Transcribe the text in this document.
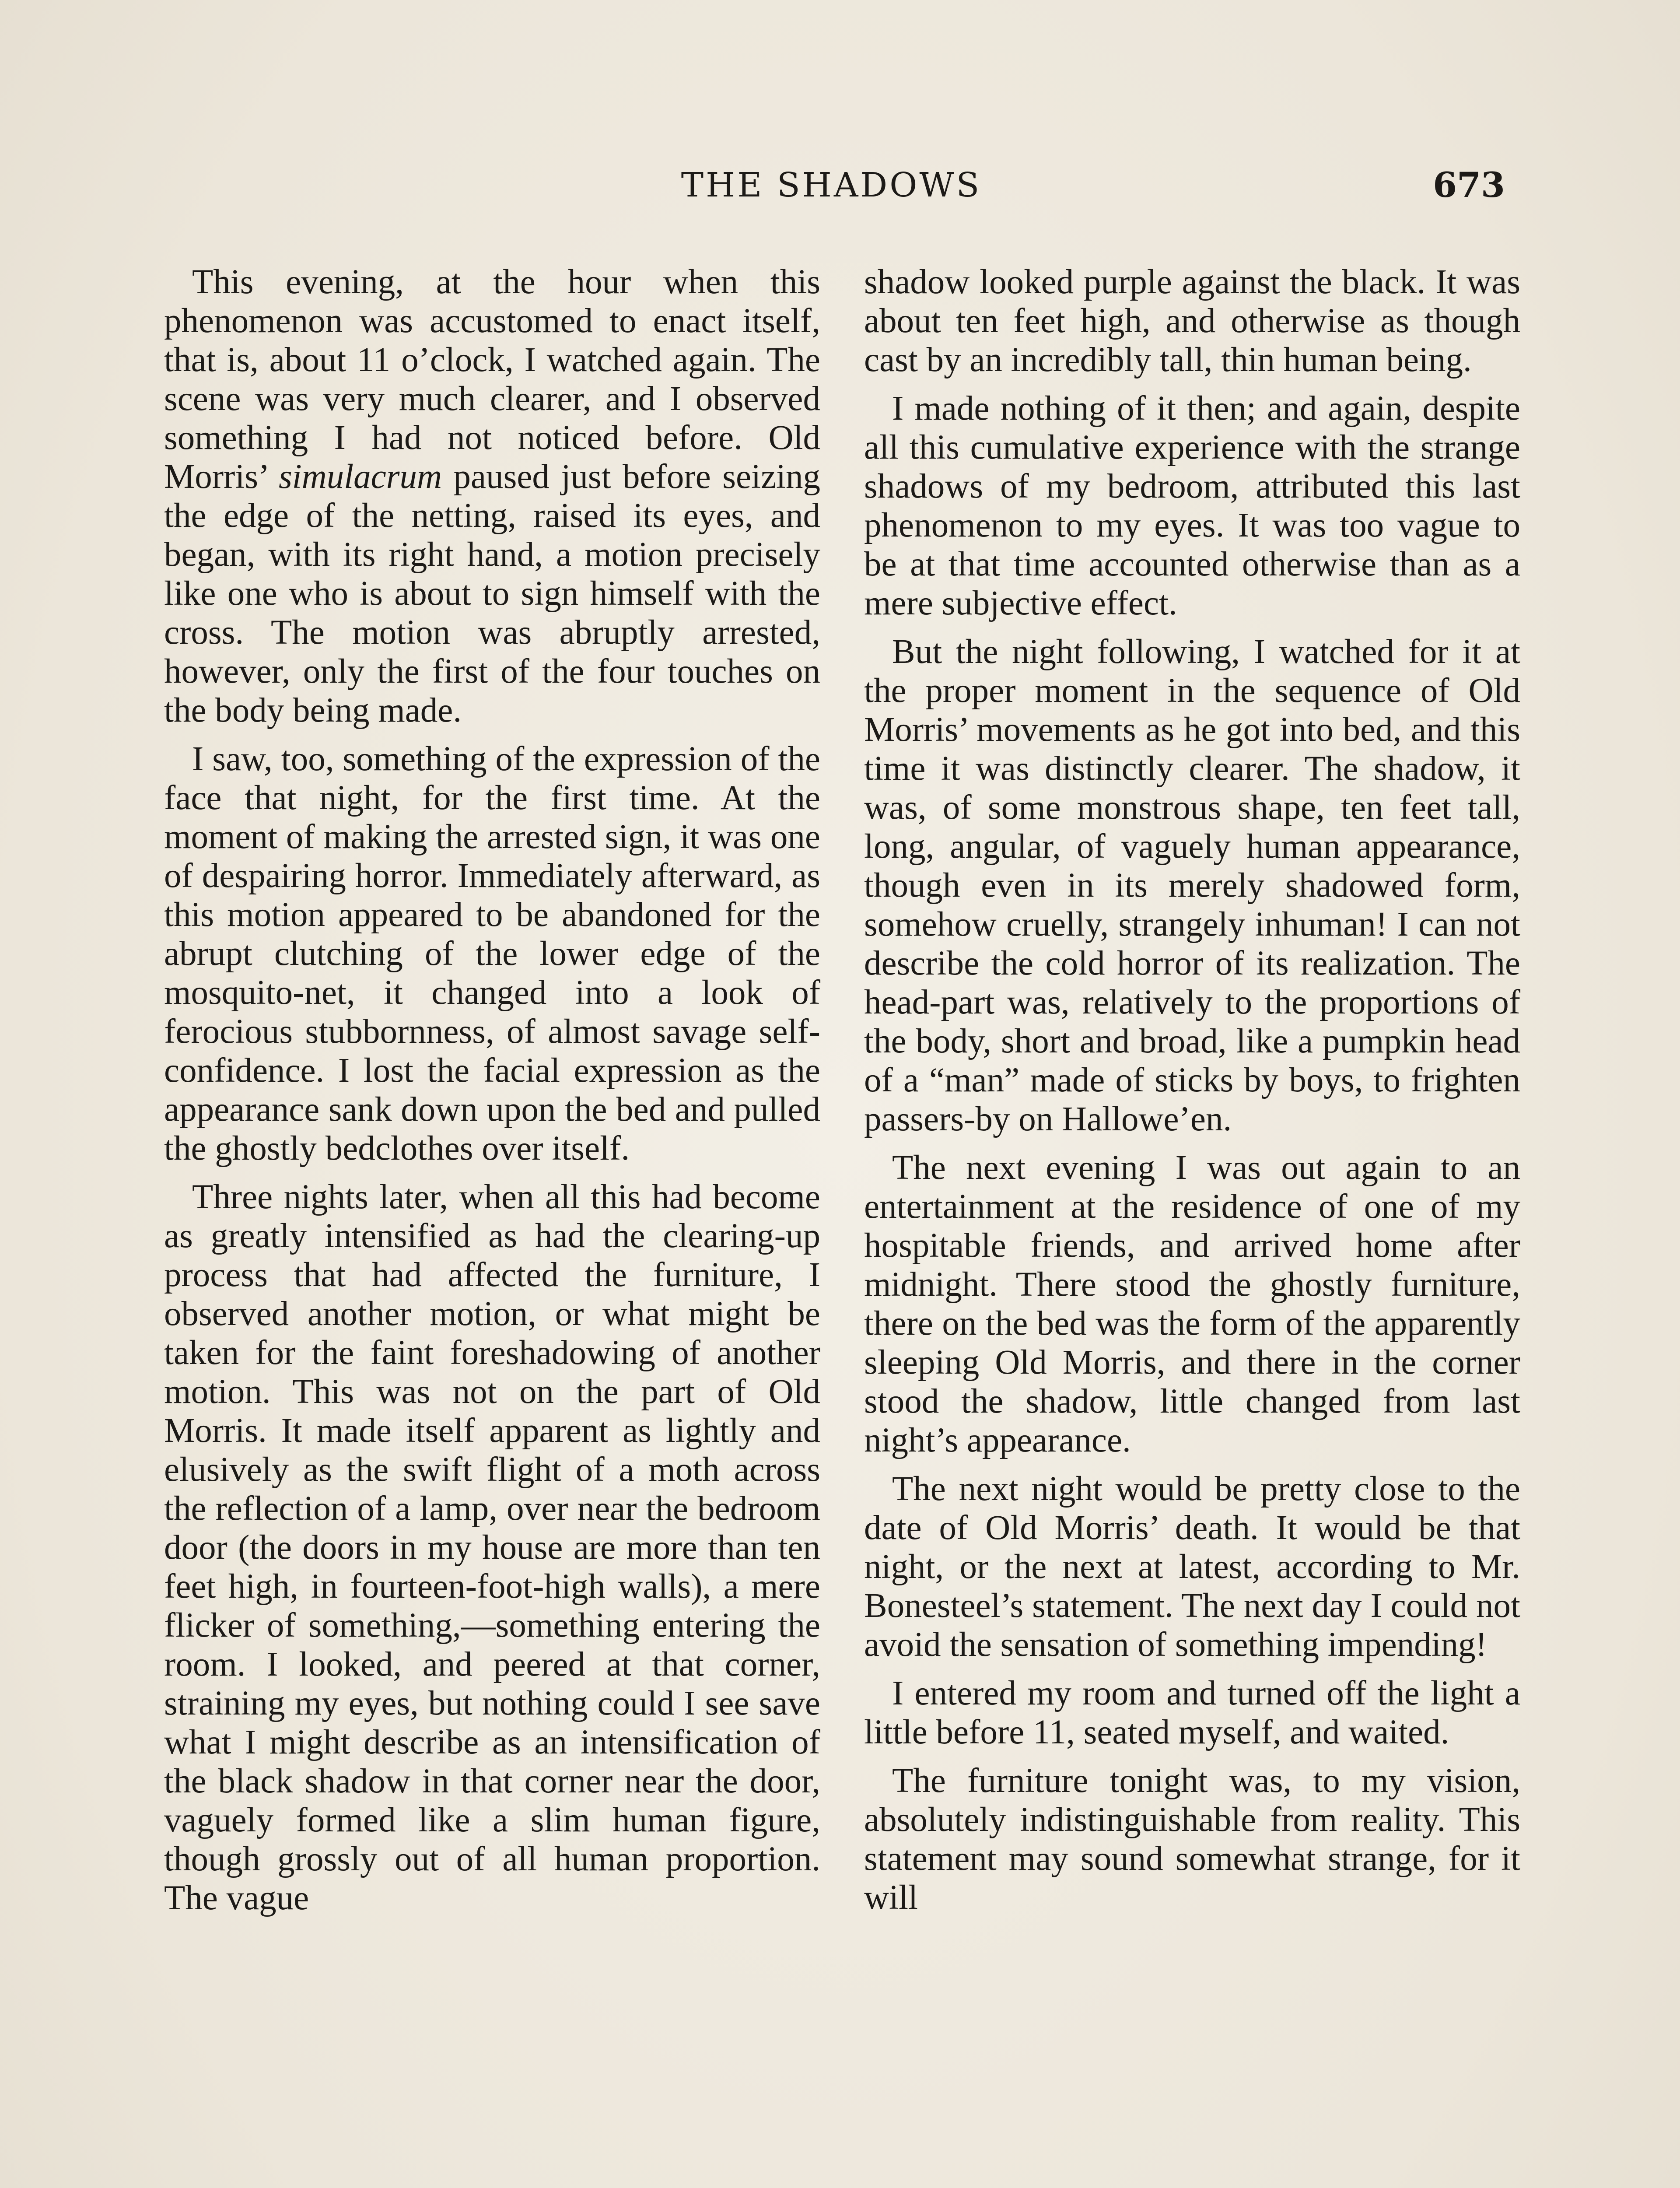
THE SHADOWS	673

This evening, at the hour when this phenomenon was accustomed to enact itself, that is, about 11 o’clock, I watched again. The scene was very much clearer, and I observed something I had not noticed before. Old Morris’ simulacrum paused just before seizing the edge of the netting, raised its eyes, and began, with its right hand, a motion precisely like one who is about to sign himself with the cross. The motion was abruptly arrested, however, only the first of the four touches on the body being made.

I saw, too, something of the expression of the face that night, for the first time. At the moment of making the arrested sign, it was one of despairing horror. Immediately afterward, as this motion appeared to be abandoned for the abrupt clutching of the lower edge of the mosquito-net, it changed into a look of ferocious stubbornness, of almost savage self-confidence. I lost the facial expression as the appearance sank down upon the bed and pulled the ghostly bedclothes over itself.

Three nights later, when all this had become as greatly intensified as had the clearing-up process that had affected the furniture, I observed another motion, or what might be taken for the faint foreshadowing of another motion. This was not on the part of Old Morris. It made itself apparent as lightly and elusively as the swift flight of a moth across the reflection of a lamp, over near the bedroom door (the doors in my house are more than ten feet high, in fourteen-foot-high walls), a mere flicker of something,—something entering the room. I looked, and peered at that corner, straining my eyes, but nothing could I see save what I might describe as an intensification of the black shadow in that corner near the door, vaguely formed like a slim human figure, though grossly out of all human proportion. The vague

shadow looked purple against the black. It was about ten feet high, and otherwise as though cast by an incredibly tall, thin human being.

I made nothing of it then; and again, despite all this cumulative experience with the strange shadows of my bedroom, attributed this last phenomenon to my eyes. It was too vague to be at that time accounted otherwise than as a mere subjective effect.

But the night following, I watched for it at the proper moment in the sequence of Old Morris’ movements as he got into bed, and this time it was distinctly clearer. The shadow, it was, of some monstrous shape, ten feet tall, long, angular, of vaguely human appearance, though even in its merely shadowed form, somehow cruelly, strangely inhuman! I can not describe the cold horror of its realization. The head-part was, relatively to the proportions of the body, short and broad, like a pumpkin head of a “man” made of sticks by boys, to frighten passers-by on Hallowe’en.

The next evening I was out again to an entertainment at the residence of one of my hospitable friends, and arrived home after midnight. There stood the ghostly furniture, there on the bed was the form of the apparently sleeping Old Morris, and there in the corner stood the shadow, little changed from last night’s appearance.

The next night would be pretty close to the date of Old Morris’ death. It would be that night, or the next at latest, according to Mr. Bonesteel’s statement. The next day I could not avoid the sensation of something impending!

I entered my room and turned off the light a little before 11, seated myself, and waited.

The furniture tonight was, to my vision, absolutely indistinguishable from reality. This statement may sound somewhat strange, for it will
